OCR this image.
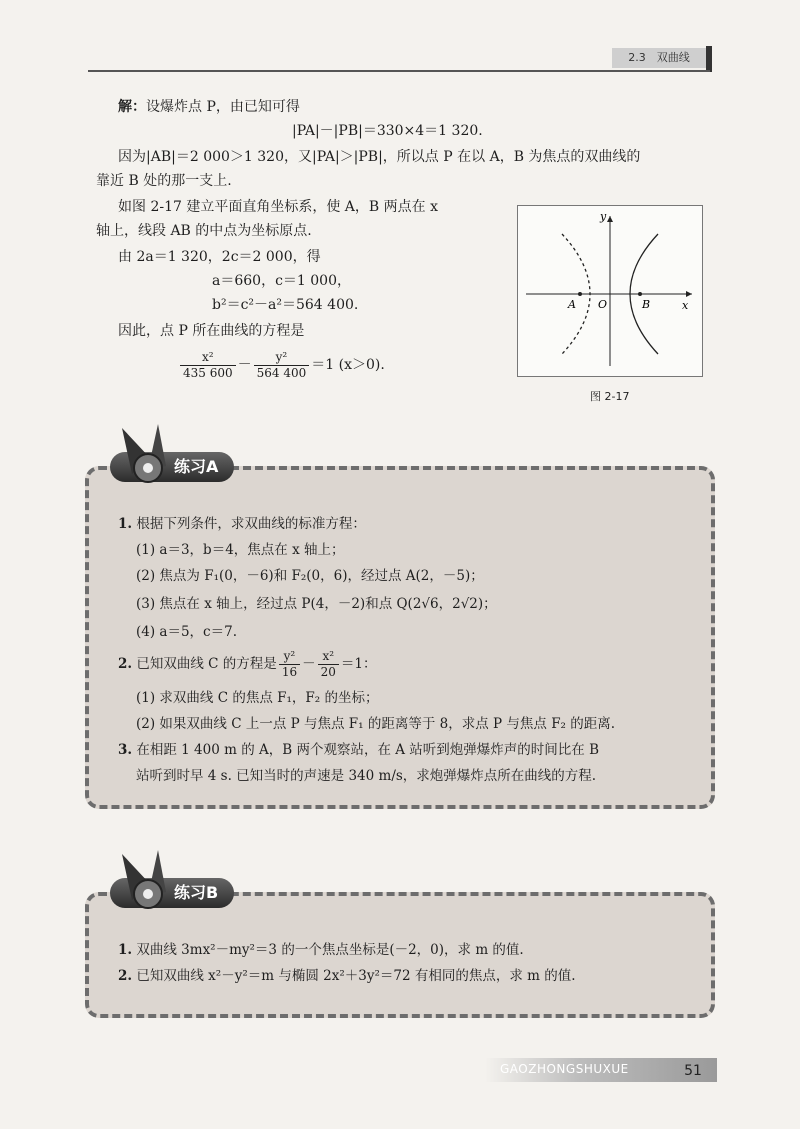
2.3　双曲线
解：设爆炸点 P，由已知可得
|PA|－|PB|＝330×4＝1 320.
因为|AB|＝2 000＞1 320，又|PA|＞|PB|，所以点 P 在以 A，B 为焦点的双曲线的
靠近 B 处的那一支上.
如图 2-17 建立平面直角坐标系，使 A，B 两点在 x
轴上，线段 AB 的中点为坐标原点.
由 2a＝1 320，2c＝2 000，得
a＝660，c＝1 000，
b²＝c²－a²＝564 400.
因此，点 P 所在曲线的方程是
$\frac{\text{x²}}{435 600} - \frac{\text{y²}}{564 400} =1$ (x＞0).
y
x
O
A	B
图 2-17
练习A
1. 根据下列条件，求双曲线的标准方程：
(1) a＝3，b＝4，焦点在 x 轴上；
(2) 焦点为 F₁(0，－6)和 F₂(0，6)，经过点 A(2，－5)；
(3) 焦点在 x 轴上，经过点 P(4，－2)和点 Q(2√6，2√2)；
(4) a＝5，c＝7.
2. 已知双曲线 C 的方程是 $\frac{\text{y²}}{16} - \frac{\text{x²}}{20} =1$：
(1) 求双曲线 C 的焦点 F₁，F₂ 的坐标；
(2) 如果双曲线 C 上一点 P 与焦点 F₁ 的距离等于 8，求点 P 与焦点 F₂ 的距离.
3. 在相距 1 400 m 的 A，B 两个观察站，在 A 站听到炮弹爆炸声的时间比在 B
站听到时早 4 s. 已知当时的声速是 340 m/s，求炮弹爆炸点所在曲线的方程.
练习B
1. 双曲线 3mx²－my²＝3 的一个焦点坐标是(－2，0)，求 m 的值.
2. 已知双曲线 x²－y²＝m 与椭圆 2x²＋3y²＝72 有相同的焦点，求 m 的值.
GAOZHONGSHUXUE	51
